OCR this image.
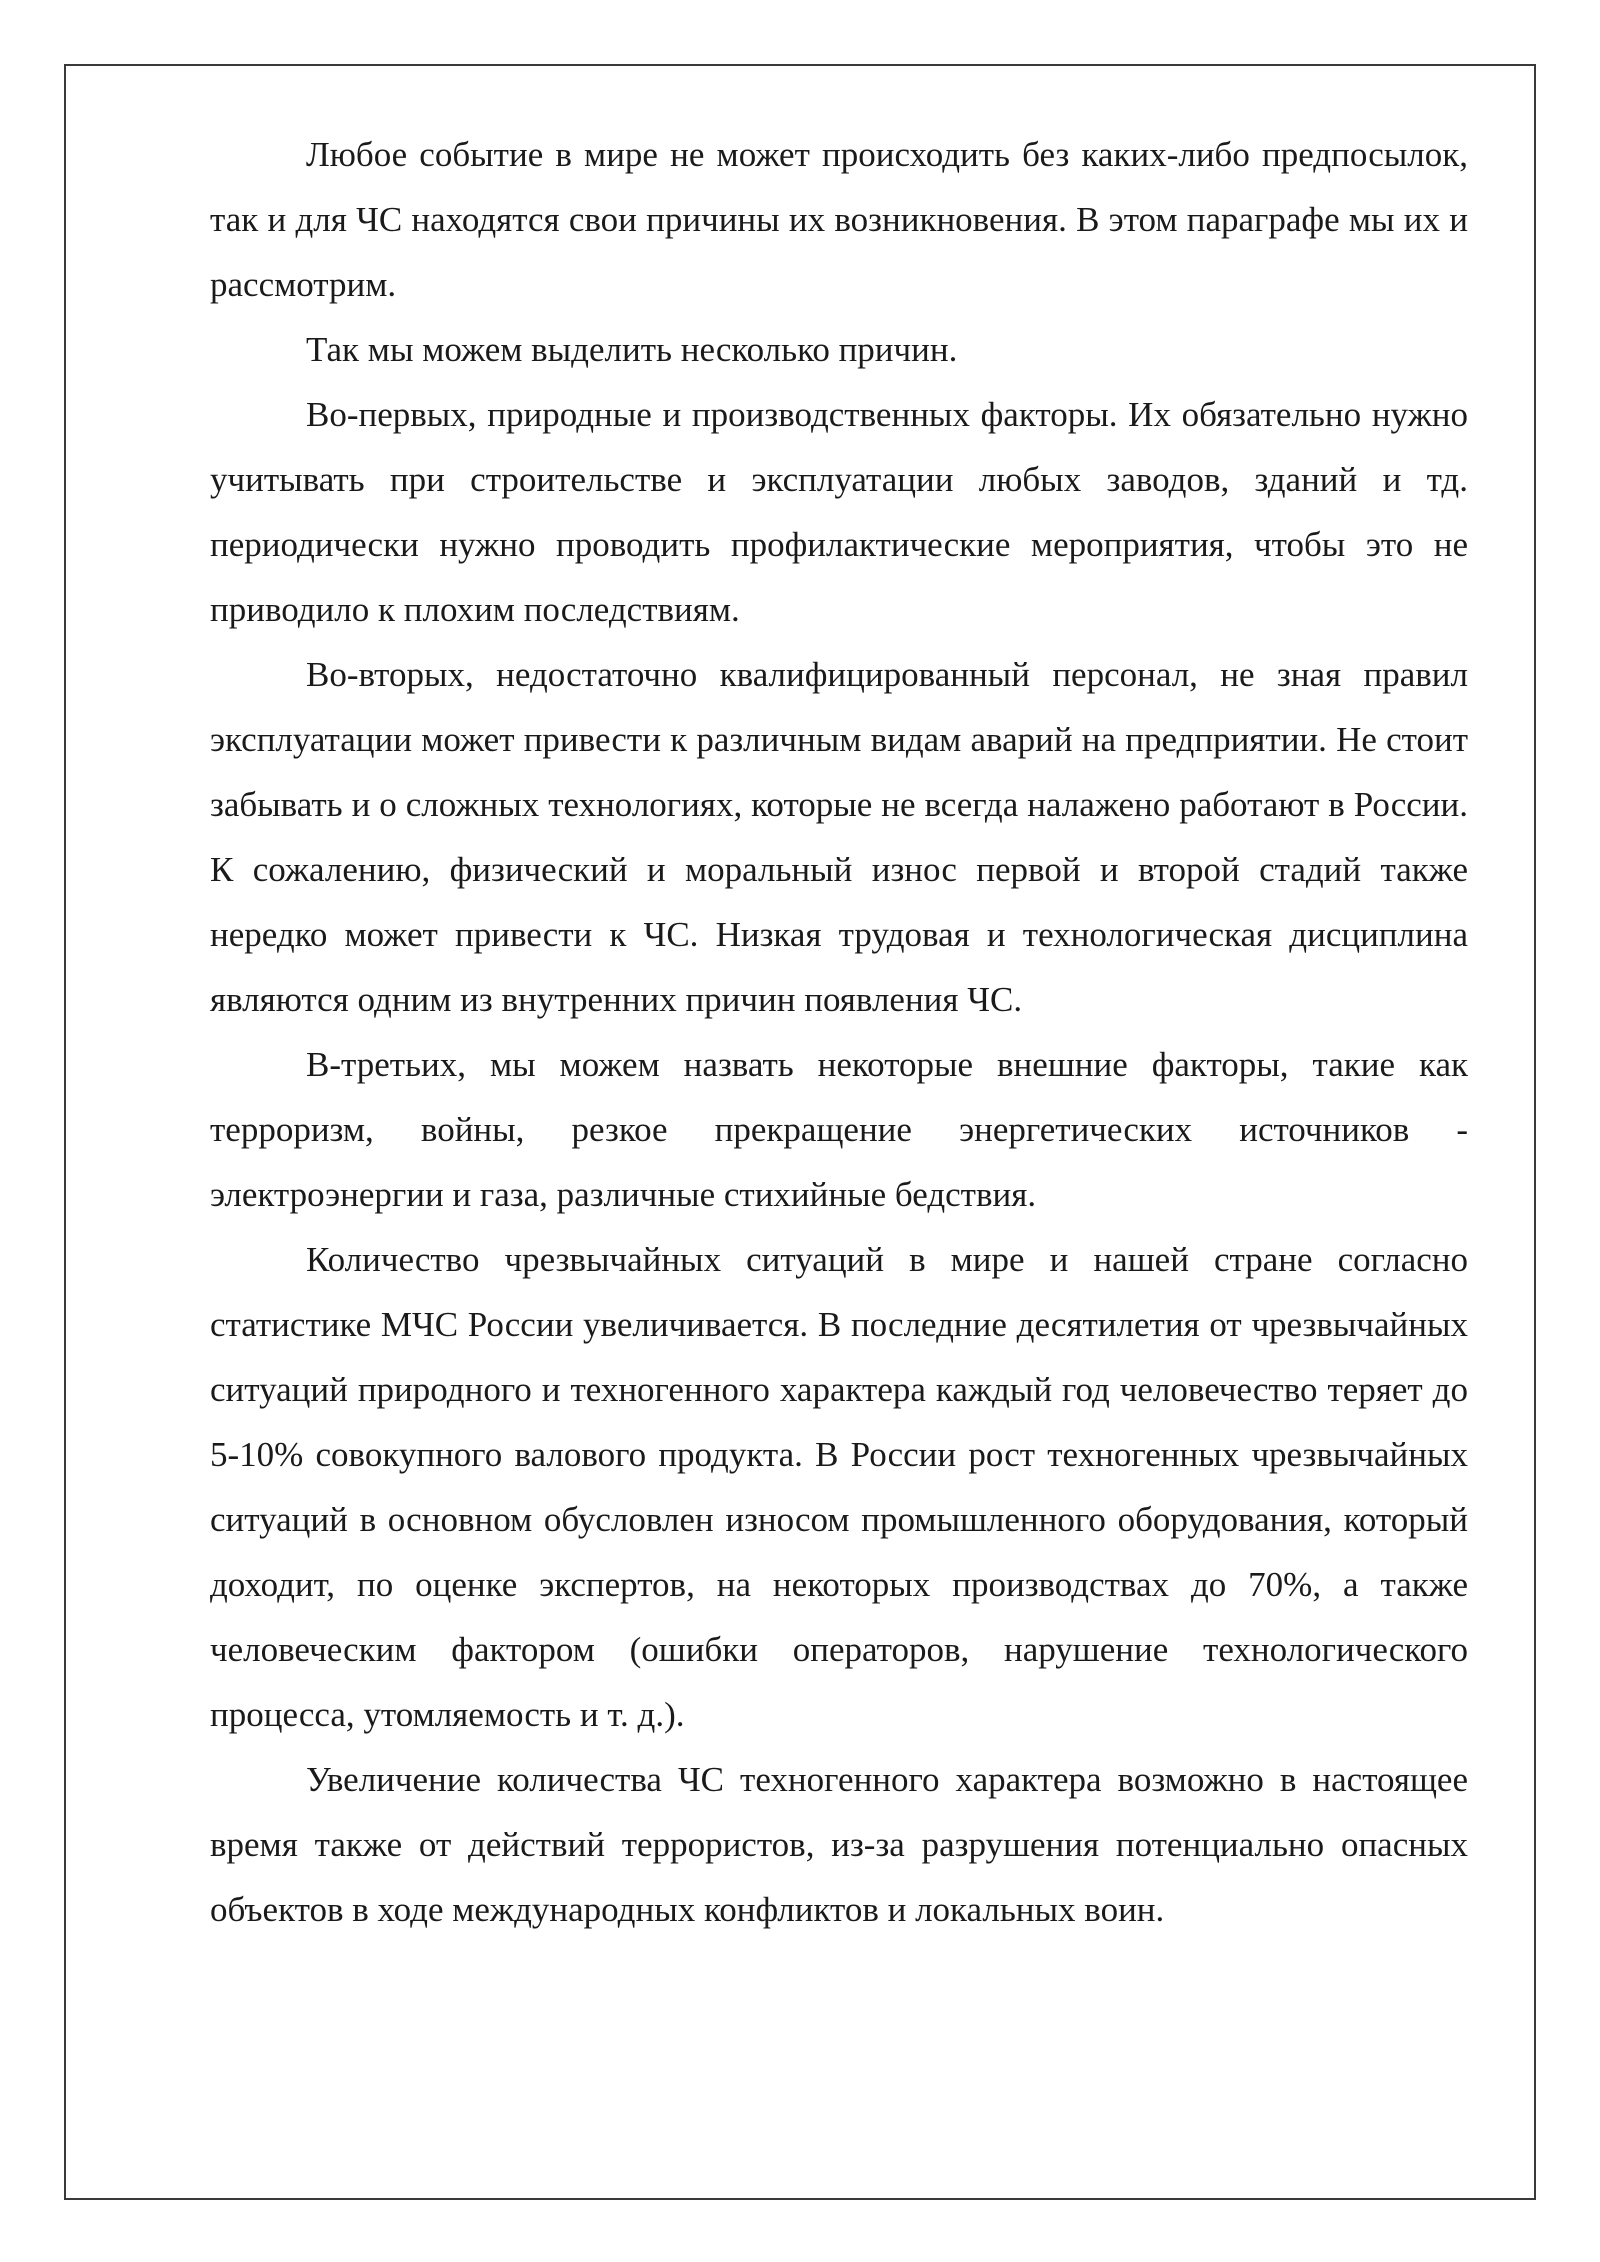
Любое событие в мире не может происходить без каких-либо предпосылок, так и для ЧС находятся свои причины их возникновения. В этом параграфе мы их и рассмотрим.

Так мы можем выделить несколько причин.

Во-первых, природные и производственных факторы. Их обязательно нужно учитывать при строительстве и эксплуатации любых заводов, зданий и тд. периодически нужно проводить профилактические мероприятия, чтобы это не приводило к плохим последствиям.

Во-вторых, недостаточно квалифицированный персонал, не зная правил эксплуатации может привести к различным видам аварий на предприятии. Не стоит забывать и о сложных технологиях, которые не всегда налажено работают в России. К сожалению, физический и моральный износ первой и второй стадий также нередко может привести к ЧС. Низкая трудовая и технологическая дисциплина являются одним из внутренних причин появления ЧС.

В-третьих, мы можем назвать некоторые внешние факторы, такие как терроризм, войны, резкое прекращение энергетических источников - электроэнергии и газа, различные стихийные бедствия.

Количество чрезвычайных ситуаций в мире и нашей стране согласно статистике МЧС России увеличивается. В последние десятилетия от чрезвычайных ситуаций природного и техногенного характера каждый год человечество теряет до 5-10% совокупного валового продукта. В России рост техногенных чрезвычайных ситуаций в основном обусловлен износом промышленного оборудования, который доходит, по оценке экспертов, на некоторых производствах до 70%, а также человеческим фактором (ошибки операторов, нарушение технологического процесса, утомляемость и т. д.).

Увеличение количества ЧС техногенного характера возможно в настоящее время также от действий террористов, из-за разрушения потенциально опасных объектов в ходе международных конфликтов и локальных воин.
